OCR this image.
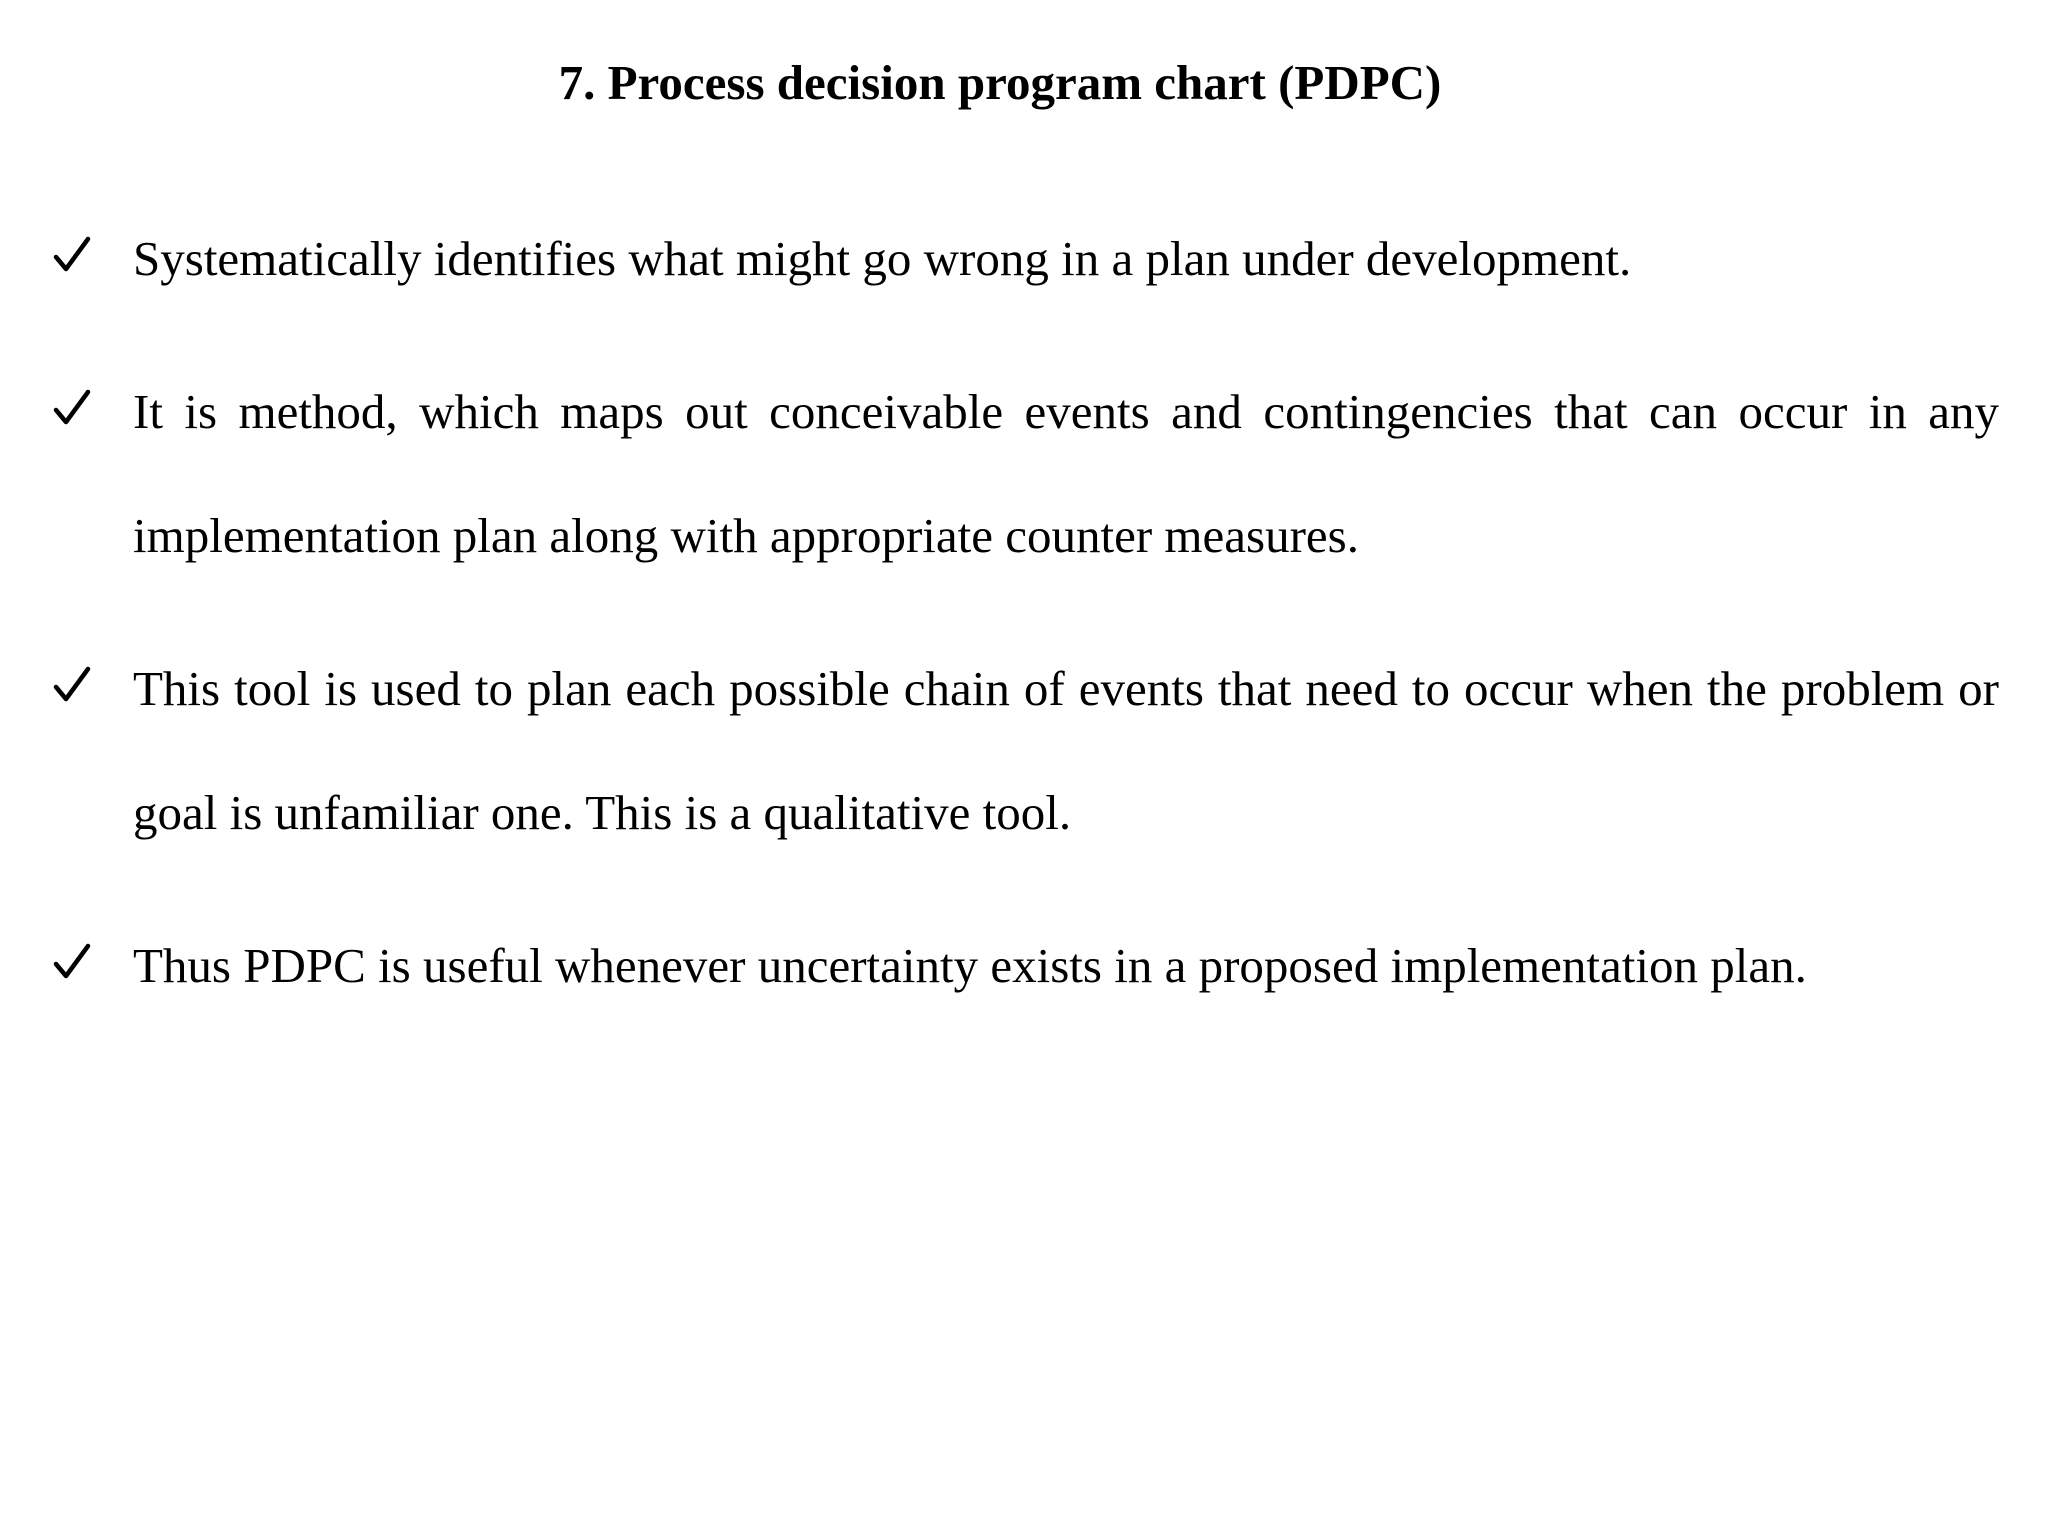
7. Process decision program chart (PDPC)

Systematically identifies what might go wrong in a plan under development.

It is method, which maps out conceivable events and contingencies that can occur in any implementation plan along with appropriate counter measures.

This tool is used to plan each possible chain of events that need to occur when the problem or goal is unfamiliar one. This is a qualitative tool.

Thus PDPC is useful whenever uncertainty exists in a proposed implementation plan.
